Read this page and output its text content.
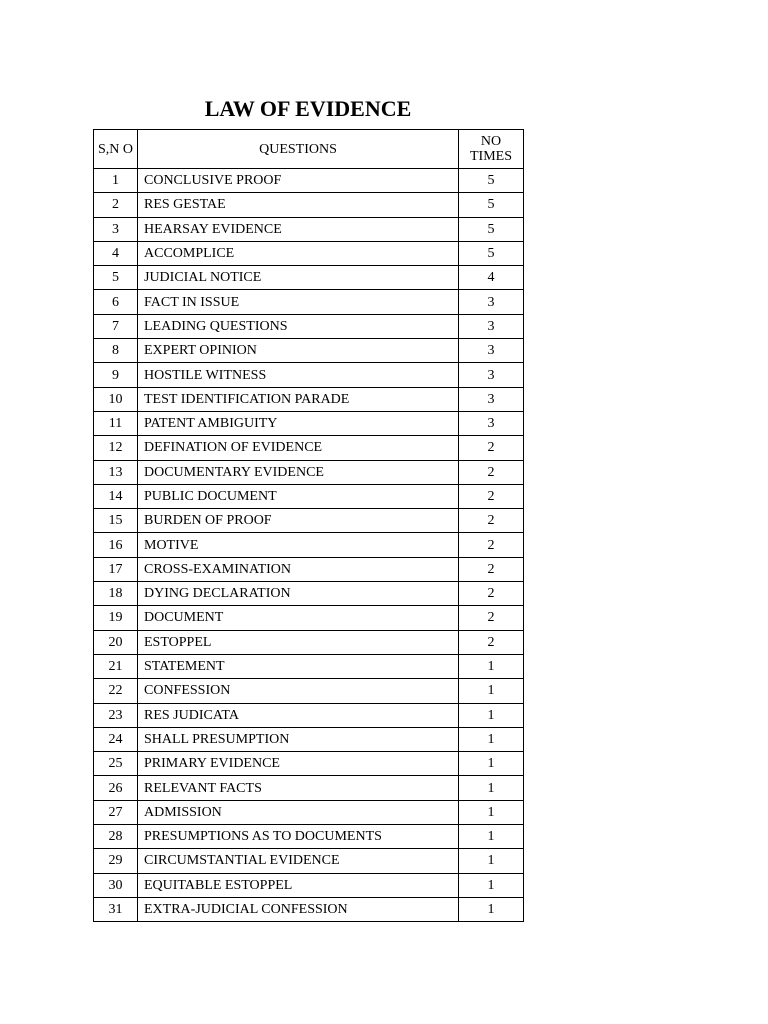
LAW OF EVIDENCE
S,N O	QUESTIONS	NO TIMES
1	CONCLUSIVE PROOF	5
2	RES GESTAE	5
3	HEARSAY EVIDENCE	5
4	ACCOMPLICE	5
5	JUDICIAL NOTICE	4
6	FACT IN ISSUE	3
7	LEADING QUESTIONS	3
8	EXPERT OPINION	3
9	HOSTILE WITNESS	3
10	TEST IDENTIFICATION PARADE	3
11	PATENT AMBIGUITY	3
12	DEFINATION OF EVIDENCE	2
13	DOCUMENTARY EVIDENCE	2
14	PUBLIC DOCUMENT	2
15	BURDEN OF PROOF	2
16	MOTIVE	2
17	CROSS-EXAMINATION	2
18	DYING DECLARATION	2
19	DOCUMENT	2
20	ESTOPPEL	2
21	STATEMENT	1
22	CONFESSION	1
23	RES JUDICATA	1
24	SHALL PRESUMPTION	1
25	PRIMARY EVIDENCE	1
26	RELEVANT FACTS	1
27	ADMISSION	1
28	PRESUMPTIONS AS TO DOCUMENTS	1
29	CIRCUMSTANTIAL EVIDENCE	1
30	EQUITABLE ESTOPPEL	1
31	EXTRA-JUDICIAL CONFESSION	1
